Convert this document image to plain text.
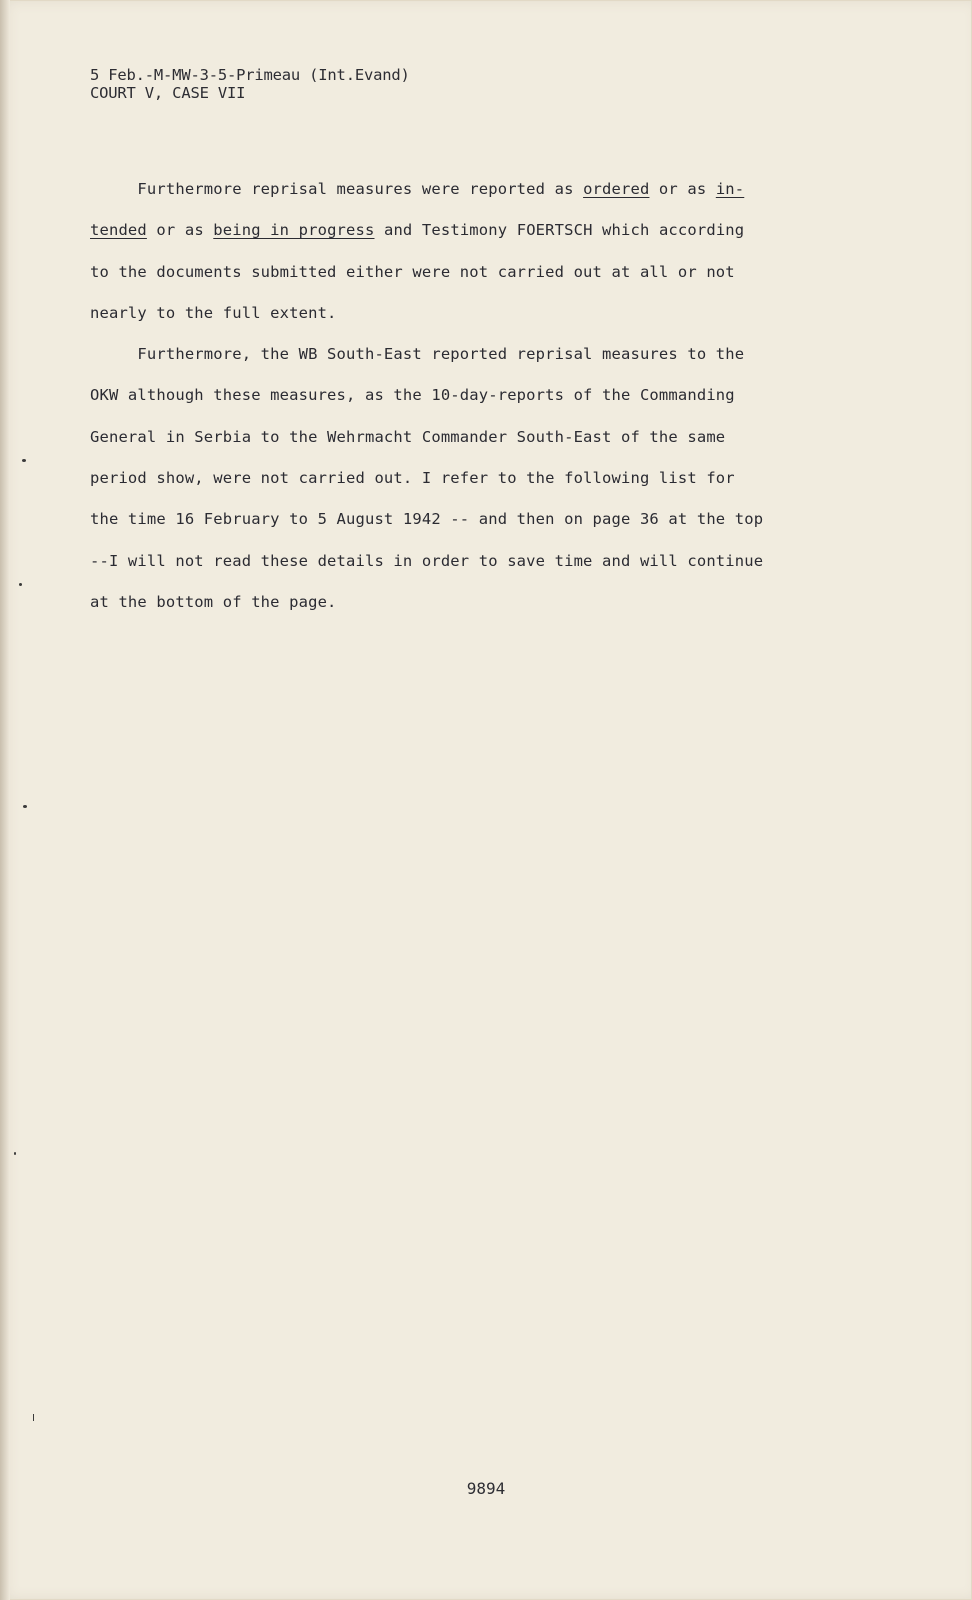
5 Feb.-M-MW-3-5-Primeau (Int.Evand)
COURT V, CASE VII
Furthermore reprisal measures were reported as ordered or as in-
tended or as being in progress and Testimony FOERTSCH which according
to the documents submitted either were not carried out at all or not
nearly to the full extent.
Furthermore, the WB South-East reported reprisal measures to the
OKW although these measures, as the 10-day-reports of the Commanding
General in Serbia to the Wehrmacht Commander South-East of the same
period show, were not carried out. I refer to the following list for
the time 16 February to 5 August 1942 -- and then on page 36 at the top
--I will not read these details in order to save time and will continue
at the bottom of the page.
9894
